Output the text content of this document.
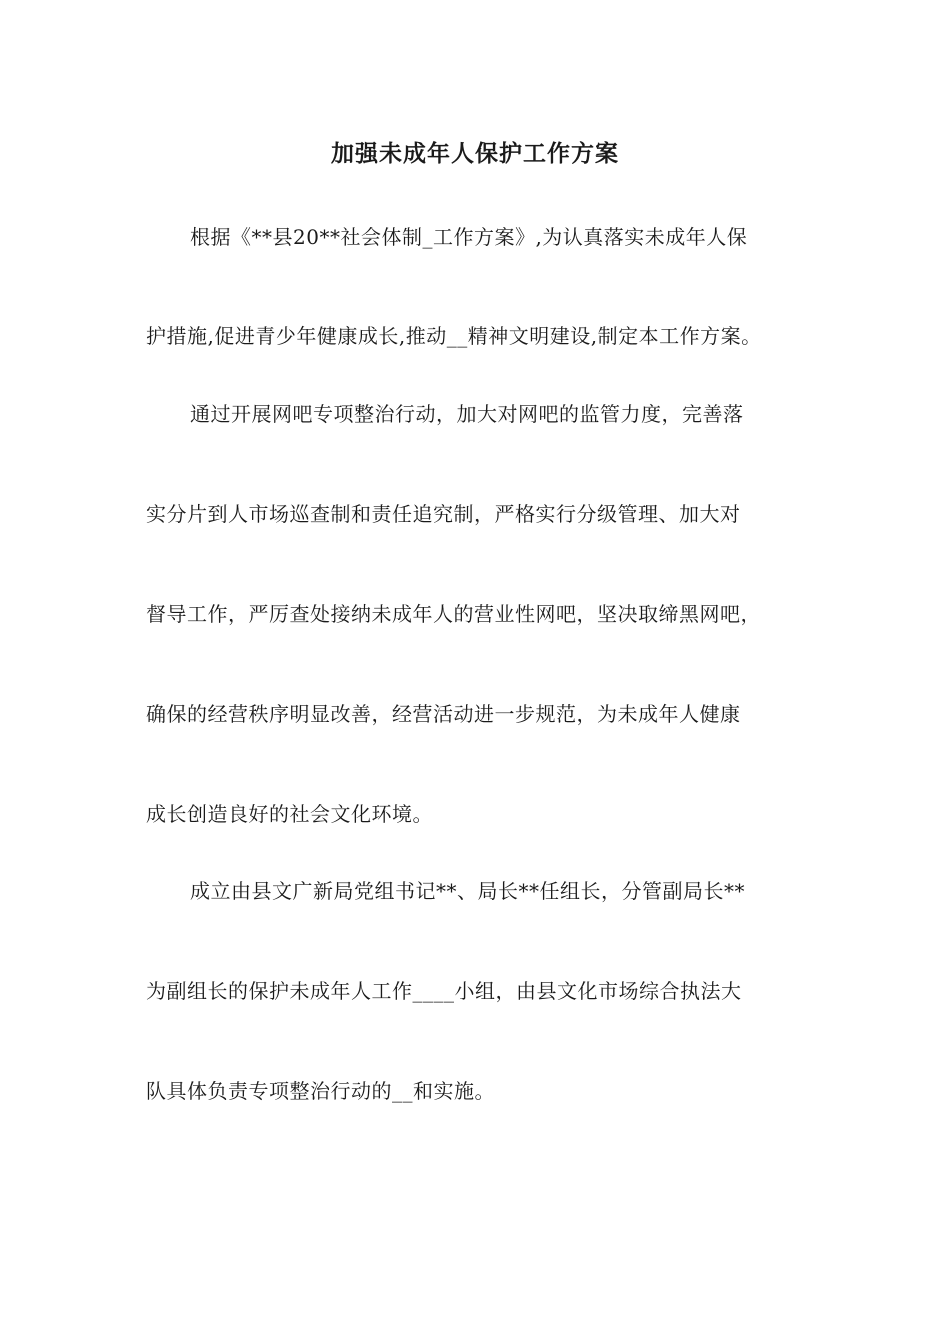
加强未成年人保护工作方案
根据《**县20**社会体制_工作方案》,为认真落实未成年人保
护措施,促进青少年健康成长,推动__精神文明建设,制定本工作方案。
通过开展网吧专项整治行动，加大对网吧的监管力度，完善落
实分片到人市场巡查制和责任追究制，严格实行分级管理、加大对
督导工作，严厉查处接纳未成年人的营业性网吧，坚决取缔黑网吧，
确保的经营秩序明显改善，经营活动进一步规范，为未成年人健康
成长创造良好的社会文化环境。
成立由县文广新局党组书记**、局长**任组长，分管副局长**
为副组长的保护未成年人工作____小组，由县文化市场综合执法大
队具体负责专项整治行动的__和实施。
